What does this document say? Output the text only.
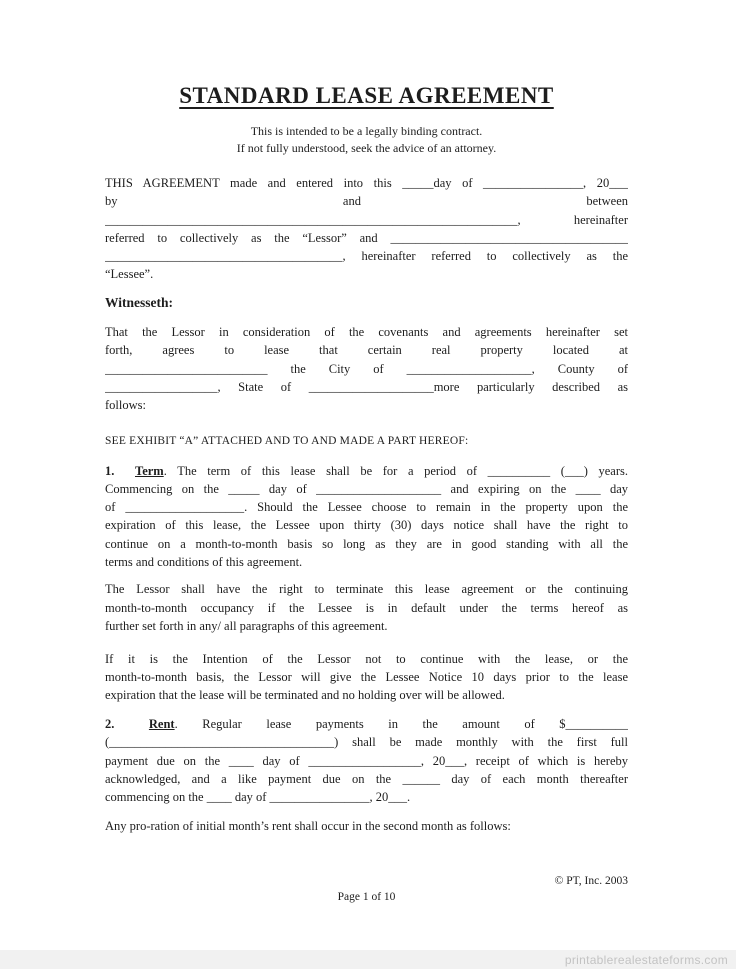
STANDARD LEASE AGREEMENT
This is intended to be a legally binding contract.
If not fully understood, seek the advice of an attorney.
THIS AGREEMENT made and entered into this _____day of ________________, 20___
by and between
__________________________________________________________________, hereinafter
referred to collectively as the “Lessor” and ______________________________________
______________________________________, hereinafter referred to collectively as the
“Lessee”.
Witnesseth:
That the Lessor in consideration of the covenants and agreements hereinafter set
forth, agrees to lease that certain real property located at
__________________________ the City of ____________________, County of
__________________, State of ____________________more particularly described as
follows:
SEE EXHIBIT “A” ATTACHED AND TO AND MADE A PART HEREOF:
1. Term. The term of this lease shall be for a period of __________ (___) years.
Commencing on the _____ day of ____________________ and expiring on the ____ day
of ___________________. Should the Lessee choose to remain in the property upon the
expiration of this lease, the Lessee upon thirty (30) days notice shall have the right to
continue on a month-to-month basis so long as they are in good standing with all the
terms and conditions of this agreement.
The Lessor shall have the right to terminate this lease agreement or the continuing
month-to-month occupancy if the Lessee is in default under the terms hereof as
further set forth in any/ all paragraphs of this agreement.
If it is the Intention of the Lessor not to continue with the lease, or the
month-to-month basis, the Lessor will give the Lessee Notice 10 days prior to the lease
expiration that the lease will be terminated and no holding over will be allowed.
2.	Rent. Regular lease payments in the amount of $__________
(____________________________________) shall be made monthly with the first full
payment due on the ____ day of __________________, 20___, receipt of which is hereby
acknowledged, and a like payment due on the ______ day of each month thereafter
commencing on the ____ day of ________________, 20___.
Any pro-ration of initial month’s rent shall occur in the second month as follows:
© PT, Inc. 2003
Page 1 of 10
printablerealestateforms.com
